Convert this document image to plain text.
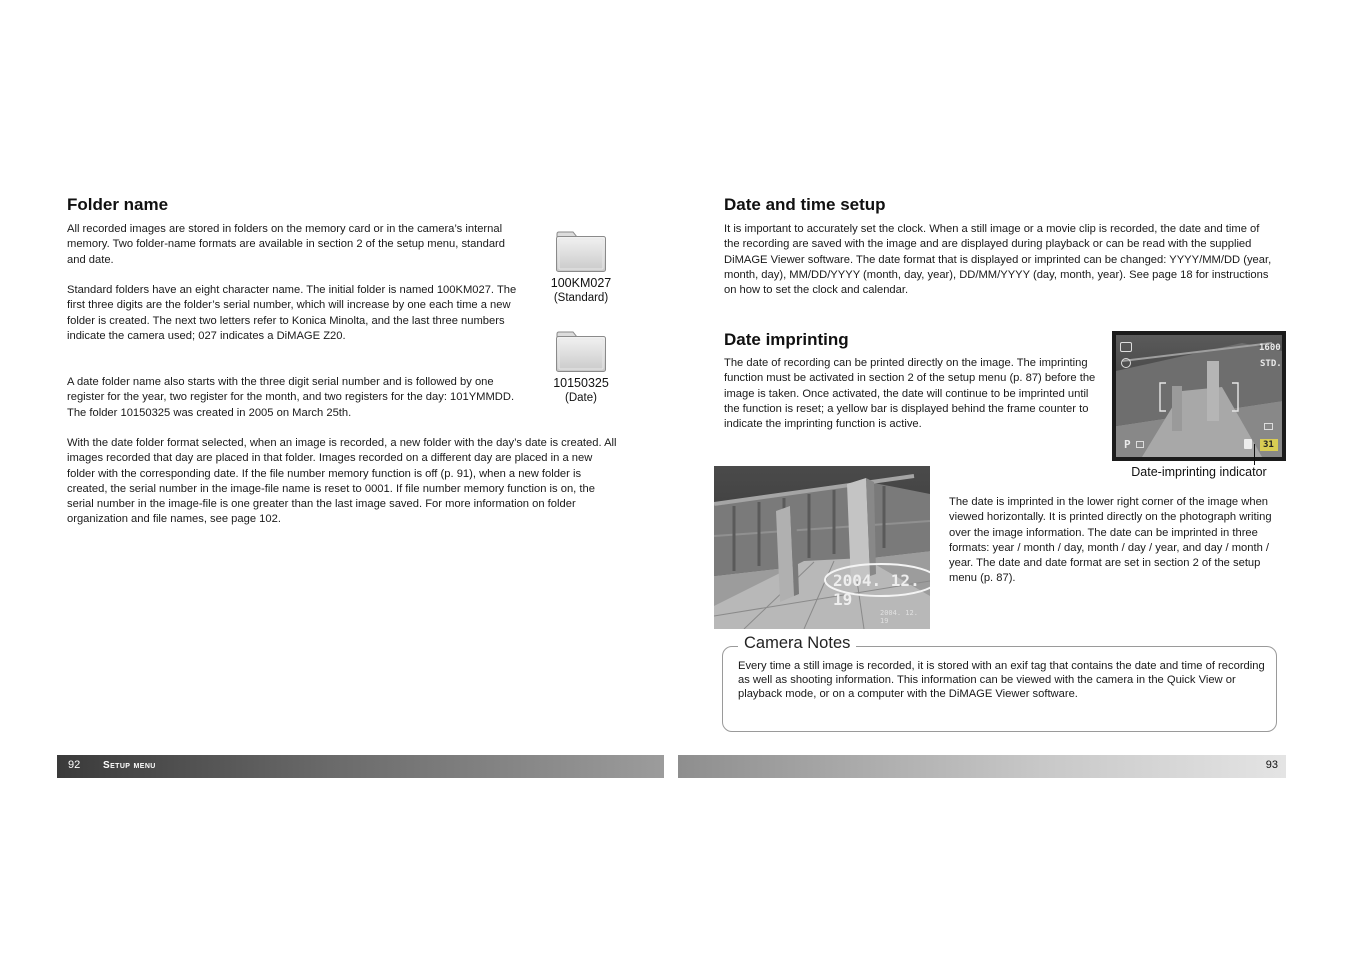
Folder name
All recorded images are stored in folders on the memory card or in the camera’s internal memory. Two folder-name formats are available in section 2 of the setup menu, standard and date.
Standard folders have an eight character name. The initial folder is named 100KM027. The first three digits are the folder’s serial number, which will increase by one each time a new folder is created. The next two letters refer to Konica Minolta, and the last three numbers indicate the camera used; 027 indicates a DiMAGE Z20.
A date folder name also starts with the three digit serial number and is followed by one register for the year, two register for the month, and two registers for the day: 101YMMDD. The folder 10150325 was created in 2005 on March 25th.
With the date folder format selected, when an image is recorded, a new folder with the day’s date is created. All images recorded that day are placed in that folder. Images recorded on a different day are placed in a new folder with the corresponding date. If the file number memory function is off (p. 91), when a new folder is created, the serial number in the image-file name is reset to 0001. If file number memory function is on, the serial number in the image-file is one greater than the last image saved. For more information on folder organization and file names, see page 102.
100KM027
(Standard)
10150325
(Date)
Date and time setup
It is important to accurately set the clock. When a still image or a movie clip is recorded, the date and time of the recording are saved with the image and are displayed during playback or can be read with the supplied DiMAGE Viewer software. The date format that is displayed or imprinted can be changed: YYYY/MM/DD (year, month, day), MM/DD/YYYY (month, day, year), DD/MM/YYYY (day, month, year). See page 18 for instructions on how to set the clock and calendar.
Date imprinting
The date of recording can be printed directly on the image. The imprinting function must be activated in section 2 of the setup menu (p. 87) before the image is taken. Once activated, the date will continue to be imprinted until the function is reset; a yellow bar is displayed behind the frame counter to indicate the imprinting function is active.
1600
STD.
P	31
Date-imprinting indicator
2004. 12. 19
2004. 12. 19
The date is imprinted in the lower right corner of the image when viewed horizontally. It is printed directly on the photograph writing over the image information. The date can be imprinted in three formats: year / month / day, month / day / year, and day / month / year. The date and date format are set in section 2 of the setup menu (p. 87).
Camera Notes
Every time a still image is recorded, it is stored with an exif tag that contains the date and time of recording as well as shooting information. This information can be viewed with the camera in the Quick View or playback mode, or on a computer with the DiMAGE Viewer software.
92 Setup menu	93
